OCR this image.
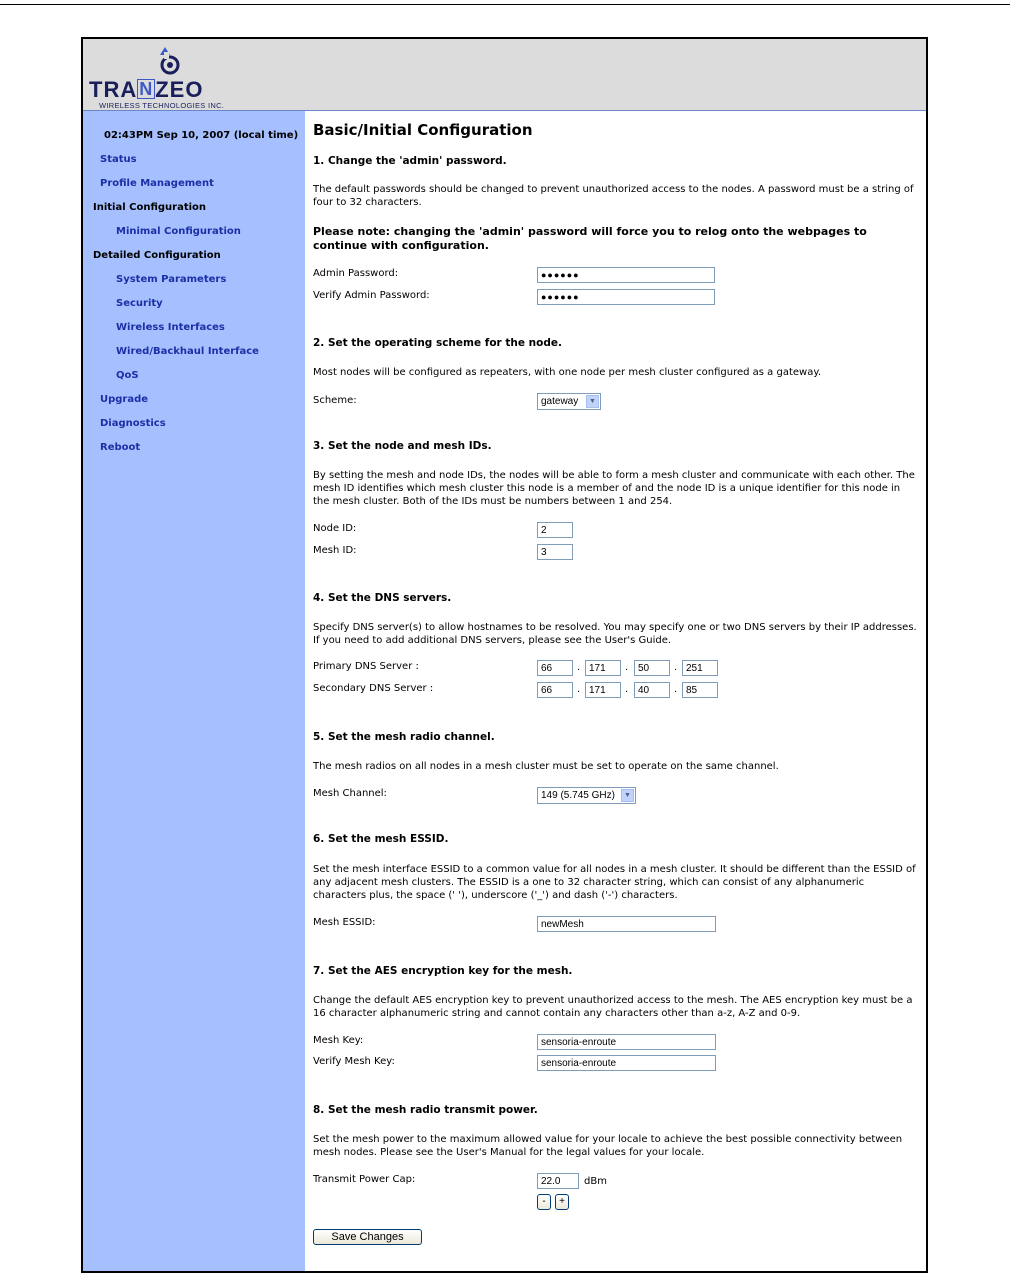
TRA NZEO
WIRELESS TECHNOLOGIES INC.
02:43PM Sep 10, 2007 (local time)
Status
Profile Management
Initial Configuration
Minimal Configuration
Detailed Configuration
System Parameters
Security
Wireless Interfaces
Wired/Backhaul Interface
QoS
Upgrade
Diagnostics
Reboot
Basic/Initial Configuration
1. Change the 'admin' password.
The default passwords should be changed to prevent unauthorized access to the nodes. A password must be a string of four to 32 characters.
Please note: changing the 'admin' password will force you to relog onto the webpages to continue with configuration.
Admin Password:	●●●●●●
Verify Admin Password:	●●●●●●
2. Set the operating scheme for the node.
Most nodes will be configured as repeaters, with one node per mesh cluster configured as a gateway.
Scheme:	gateway	▼
3. Set the node and mesh IDs.
By setting the mesh and node IDs, the nodes will be able to form a mesh cluster and communicate with each other. The mesh ID identifies which mesh cluster this node is a member of and the node ID is a unique identifier for this node in the mesh cluster. Both of the IDs must be numbers between 1 and 254.
Node ID:	2
Mesh ID:	3
4. Set the DNS servers.
Specify DNS server(s) to allow hostnames to be resolved. You may specify one or two DNS servers by their IP addresses. If you need to add additional DNS servers, please see the User's Guide.
Primary DNS Server :	66	. 171	. 50	. 251
Secondary DNS Server :	66	. 171	. 40	. 85
5. Set the mesh radio channel.
The mesh radios on all nodes in a mesh cluster must be set to operate on the same channel.
Mesh Channel:	149 (5.745 GHz)	▼
6. Set the mesh ESSID.
Set the mesh interface ESSID to a common value for all nodes in a mesh cluster. It should be different than the ESSID of any adjacent mesh clusters. The ESSID is a one to 32 character string, which can consist of any alphanumeric characters plus, the space (' '), underscore ('_') and dash ('-') characters.
Mesh ESSID:	newMesh
7. Set the AES encryption key for the mesh.
Change the default AES encryption key to prevent unauthorized access to the mesh. The AES encryption key must be a 16 character alphanumeric string and cannot contain any characters other than a-z, A-Z and 0-9.
Mesh Key:	sensoria-enroute
Verify Mesh Key:	sensoria-enroute
8. Set the mesh radio transmit power.
Set the mesh power to the maximum allowed value for your locale to achieve the best possible connectivity between mesh nodes. Please see the User's Manual for the legal values for your locale.
Transmit Power Cap:	22.0	dBm
-	+
Save Changes
